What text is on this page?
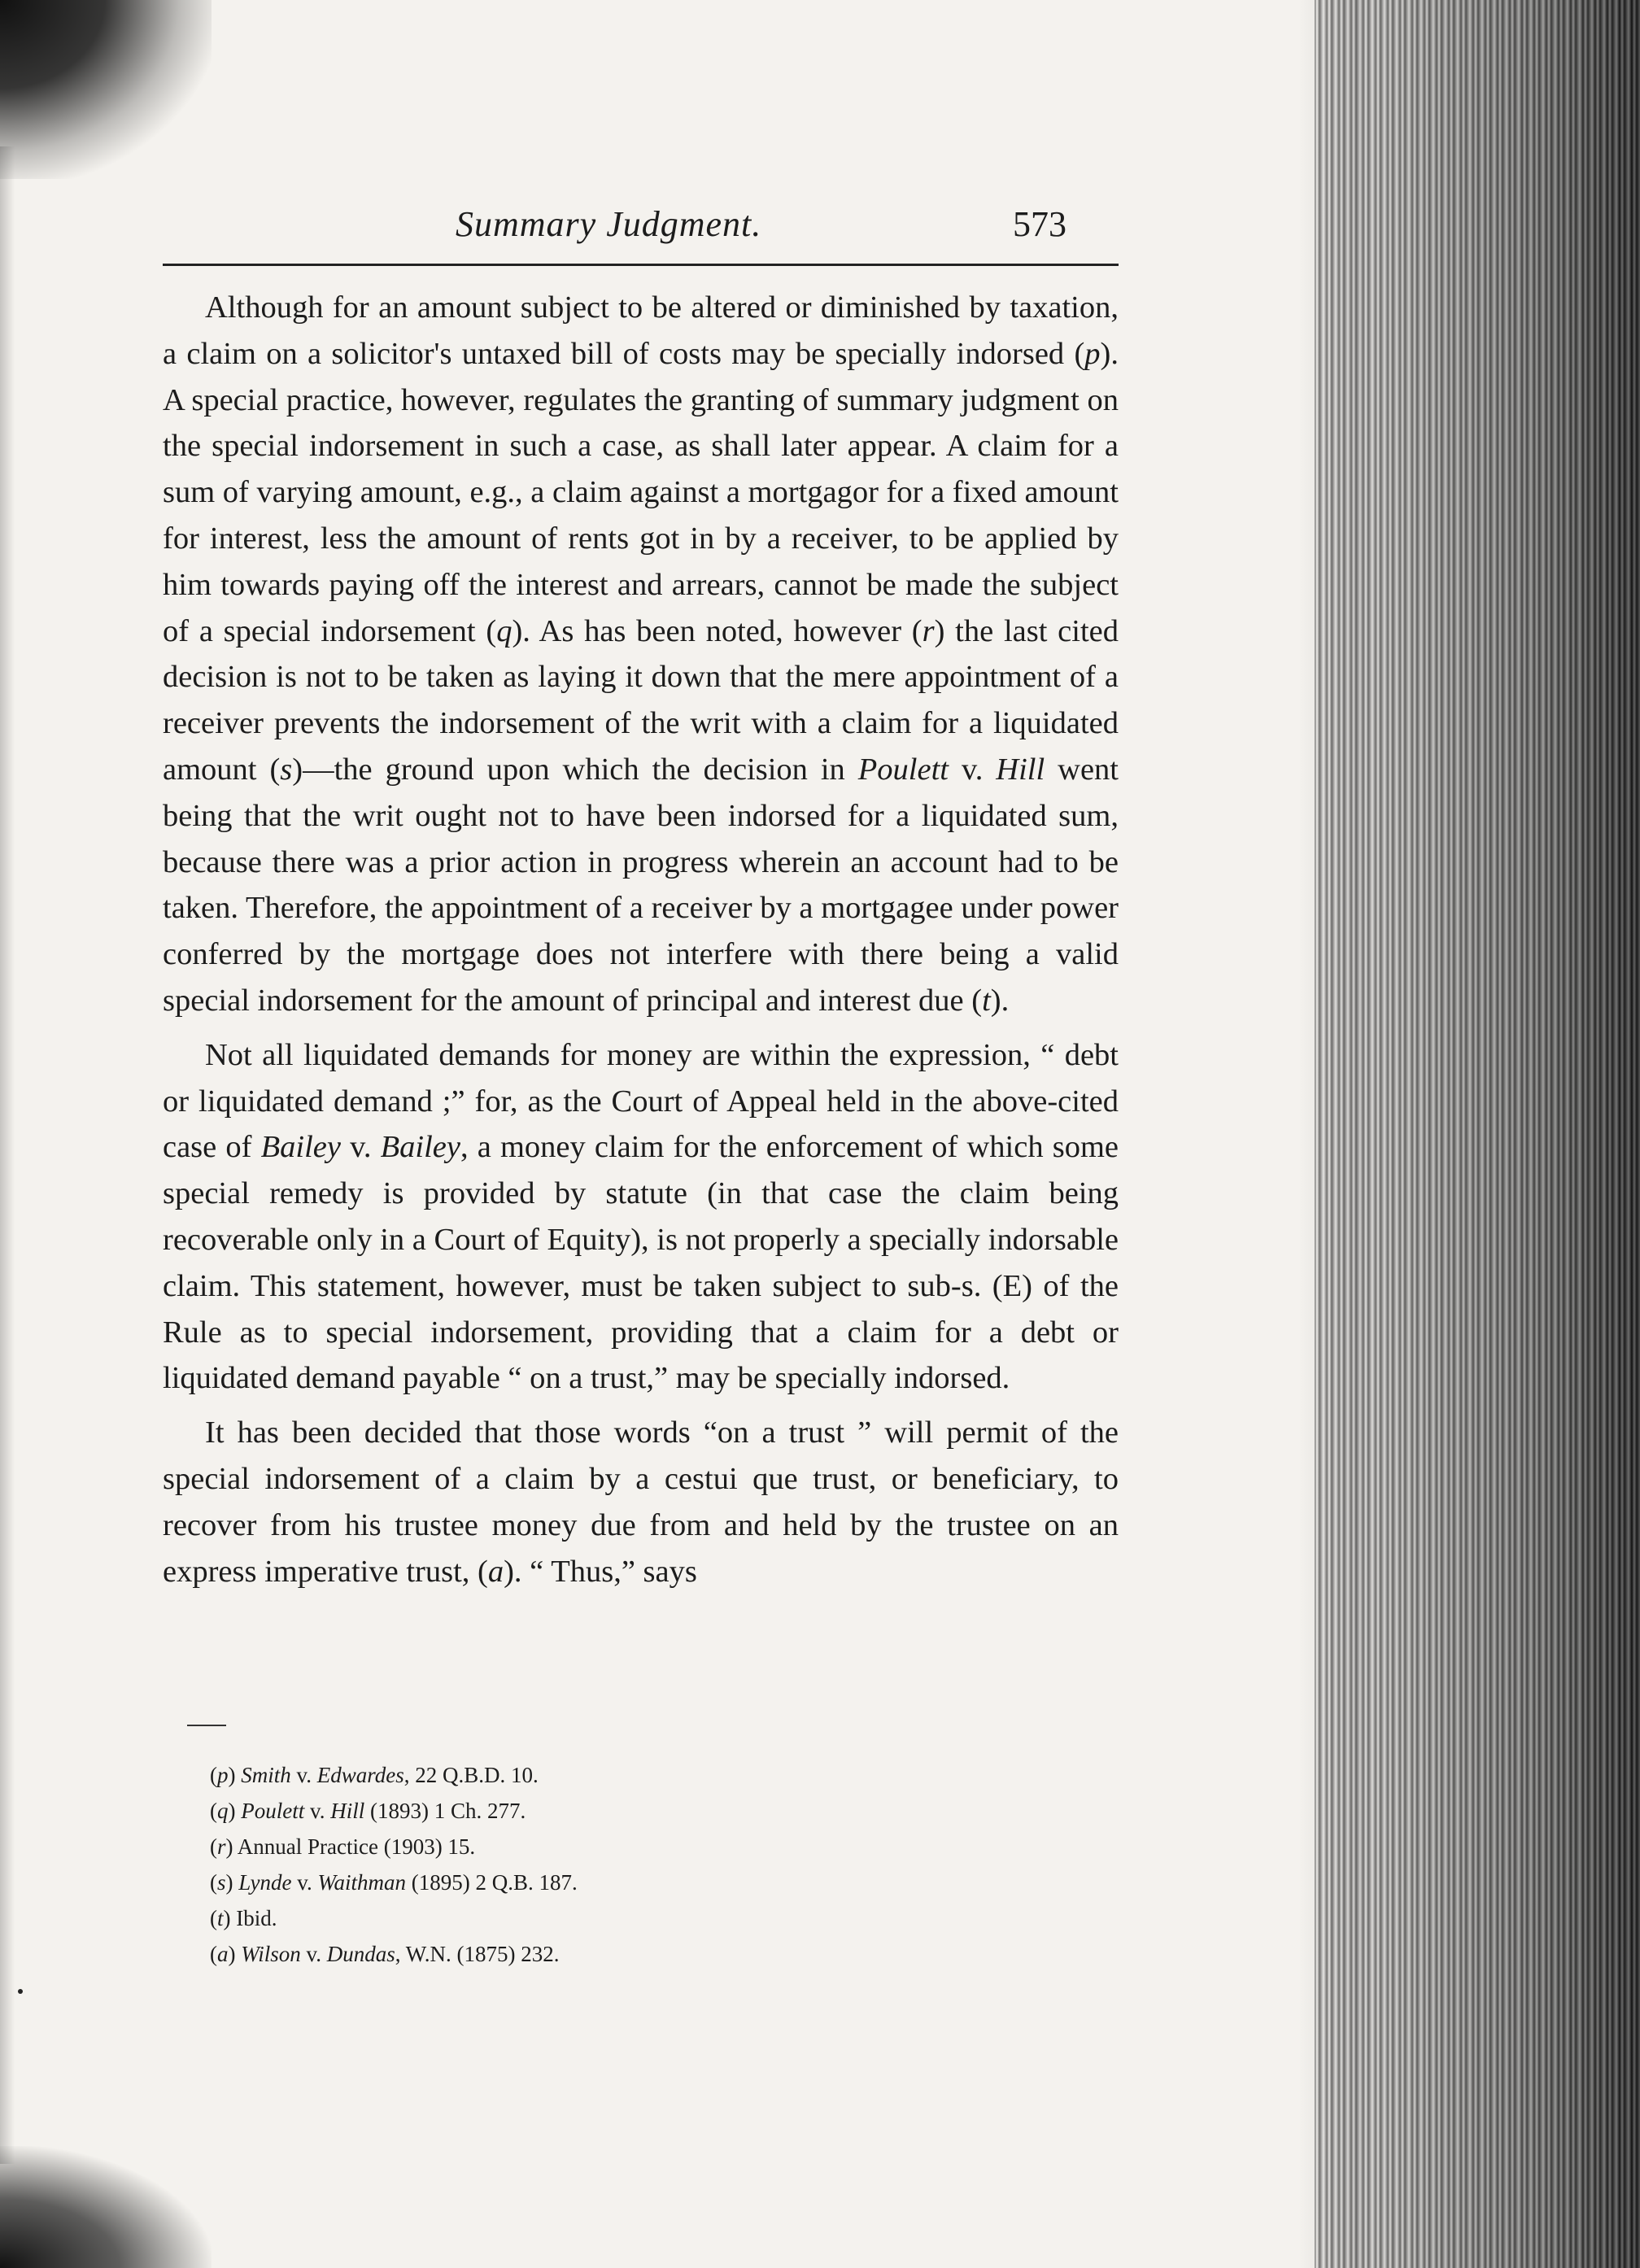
Summary Judgment.	573

Although for an amount subject to be altered or diminished by taxation, a claim on a solicitor's untaxed bill of costs may be specially indorsed (p). A special practice, however, regulates the granting of summary judgment on the special indorsement in such a case, as shall later appear. A claim for a sum of varying amount, e.g., a claim against a mortgagor for a fixed amount for interest, less the amount of rents got in by a receiver, to be applied by him towards paying off the interest and arrears, cannot be made the subject of a special indorsement (q). As has been noted, however (r) the last cited decision is not to be taken as laying it down that the mere appointment of a receiver prevents the indorsement of the writ with a claim for a liquidated amount (s)—the ground upon which the decision in Poulett v. Hill went being that the writ ought not to have been indorsed for a liquidated sum, because there was a prior action in progress wherein an account had to be taken. Therefore, the appointment of a receiver by a mortgagee under power conferred by the mortgage does not interfere with there being a valid special indorsement for the amount of principal and interest due (t).

Not all liquidated demands for money are within the expression, “ debt or liquidated demand ;” for, as the Court of Appeal held in the above-cited case of Bailey v. Bailey, a money claim for the enforcement of which some special remedy is provided by statute (in that case the claim being recoverable only in a Court of Equity), is not properly a specially indorsable claim. This statement, however, must be taken subject to sub-s. (E) of the Rule as to special indorsement, providing that a claim for a debt or liquidated demand payable “ on a trust,” may be specially indorsed.

It has been decided that those words “on a trust ” will permit of the special indorsement of a claim by a cestui que trust, or beneficiary, to recover from his trustee money due from and held by the trustee on an express imperative trust, (a). “ Thus,” says

(p) Smith v. Edwardes, 22 Q.B.D. 10.

(q) Poulett v. Hill (1893) 1 Ch. 277.

(r) Annual Practice (1903) 15.

(s) Lynde v. Waithman (1895) 2 Q.B. 187.

(t) Ibid.

(a) Wilson v. Dundas, W.N. (1875) 232.
